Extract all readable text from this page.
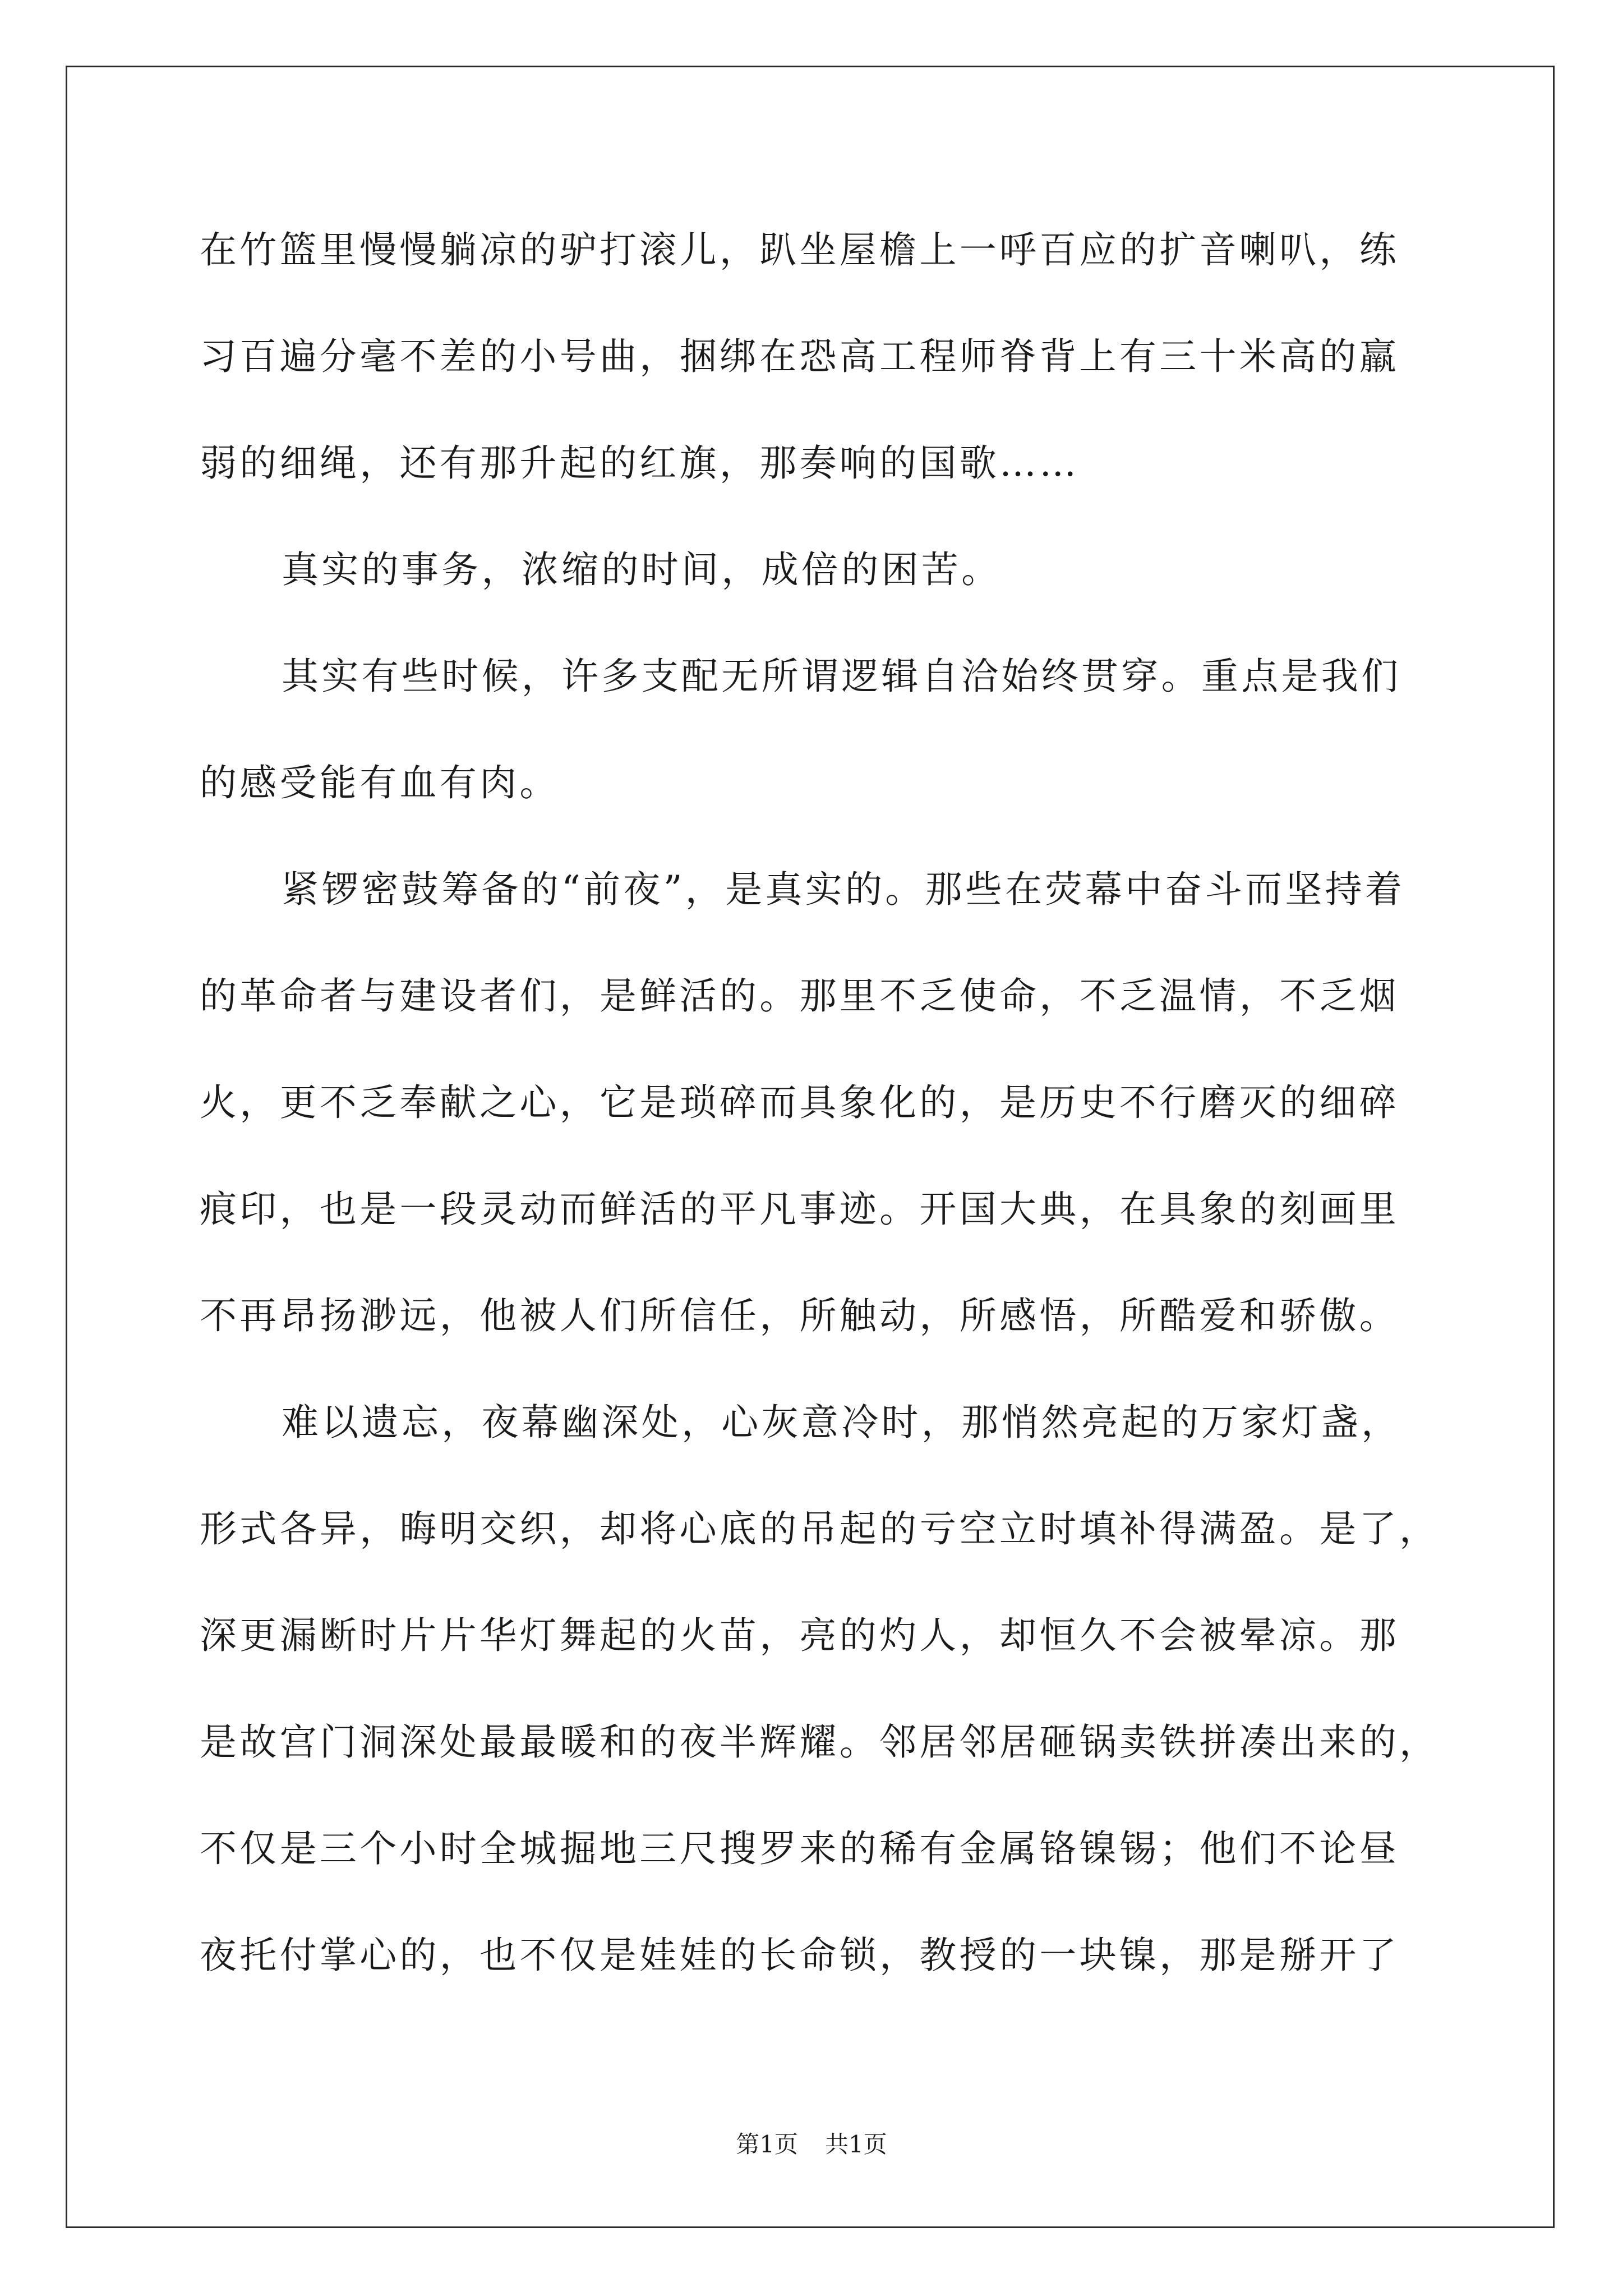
在竹篮里慢慢躺凉的驴打滚儿，趴坐屋檐上一呼百应的扩音喇叭，练
习百遍分毫不差的小号曲，捆绑在恐高工程师脊背上有三十米高的羸
弱的细绳，还有那升起的红旗，那奏响的国歌……
真实的事务，浓缩的时间，成倍的困苦。
其实有些时候，许多支配无所谓逻辑自洽始终贯穿。重点是我们
的感受能有血有肉。
紧锣密鼓筹备的“前夜”，是真实的。那些在荧幕中奋斗而坚持着
的革命者与建设者们，是鲜活的。那里不乏使命，不乏温情，不乏烟
火，更不乏奉献之心，它是琐碎而具象化的，是历史不行磨灭的细碎
痕印，也是一段灵动而鲜活的平凡事迹。开国大典，在具象的刻画里
不再昂扬渺远，他被人们所信任，所触动，所感悟，所酷爱和骄傲。
难以遗忘，夜幕幽深处，心灰意冷时，那悄然亮起的万家灯盏，
形式各异，晦明交织，却将心底的吊起的亏空立时填补得满盈。是了，
深更漏断时片片华灯舞起的火苗，亮的灼人，却恒久不会被晕凉。那
是故宫门洞深处最最暖和的夜半辉耀。邻居邻居砸锅卖铁拼凑出来的，
不仅是三个小时全城掘地三尺搜罗来的稀有金属铬镍锡；他们不论昼
夜托付掌心的，也不仅是娃娃的长命锁，教授的一块镍，那是掰开了
第1页 共1页
